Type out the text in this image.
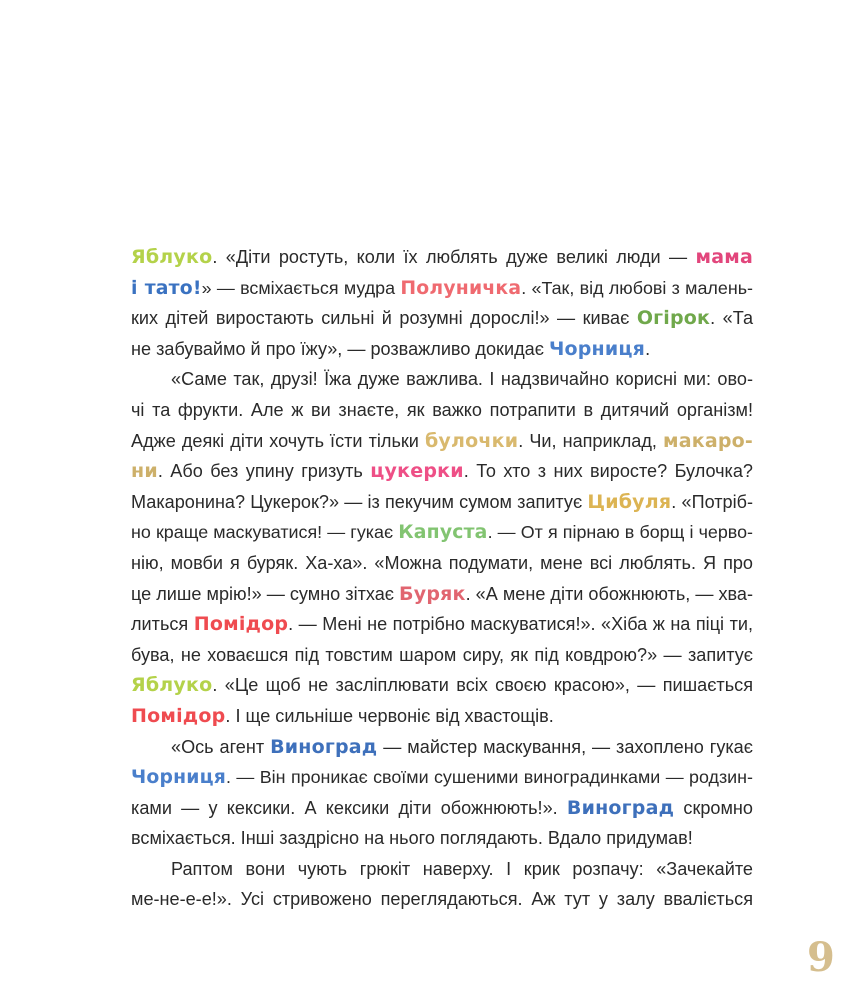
Яблуко. «Діти ростуть, коли їх люблять дуже великі люди — мама
і тато!» — всміхається мудра Полуничка. «Так, від любові з малень-
ких дітей виростають сильні й розумні дорослі!» — киває Огірок. «Та
не забуваймо й про їжу», — розважливо докидає Чорниця.
«Саме так, друзі! Їжа дуже важлива. І надзвичайно корисні ми: ово-
чі та фрукти. Але ж ви знаєте, як важко потрапити в дитячий організм!
Адже деякі діти хочуть їсти тільки булочки. Чи, наприклад, макаро-
ни. Або без упину гризуть цукерки. То хто з них виросте? Булочка?
Макаронина? Цукерок?» — із пекучим сумом запитує Цибуля. «Потріб-
но краще маскуватися! — гукає Капуста. — От я пірнаю в борщ і черво-
нію, мовби я буряк. Ха-ха». «Можна подумати, мене всі люблять. Я про
це лише мрію!» — сумно зітхає Буряк. «А мене діти обожнюють, — хва-
литься Помідор. — Мені не потрібно маскуватися!». «Хіба ж на піці ти,
бува, не ховаєшся під товстим шаром сиру, як під ковдрою?» — запитує
Яблуко. «Це щоб не засліплювати всіх своєю красою», — пишається
Помідор. І ще сильніше червоніє від хвастощів.
«Ось агент Виноград — майстер маскування, — захоплено гукає
Чорниця. — Він проникає своїми сушеними виноградинками — родзин-
ками — у кексики. А кексики діти обожнюють!». Виноград скромно
всміхається. Інші заздрісно на нього поглядають. Вдало придумав!
Раптом вони чують грюкіт наверху. І крик розпачу: «Зачекайте
ме-не-е-е!». Усі стривожено переглядаються. Аж тут у залу вваліється
9
